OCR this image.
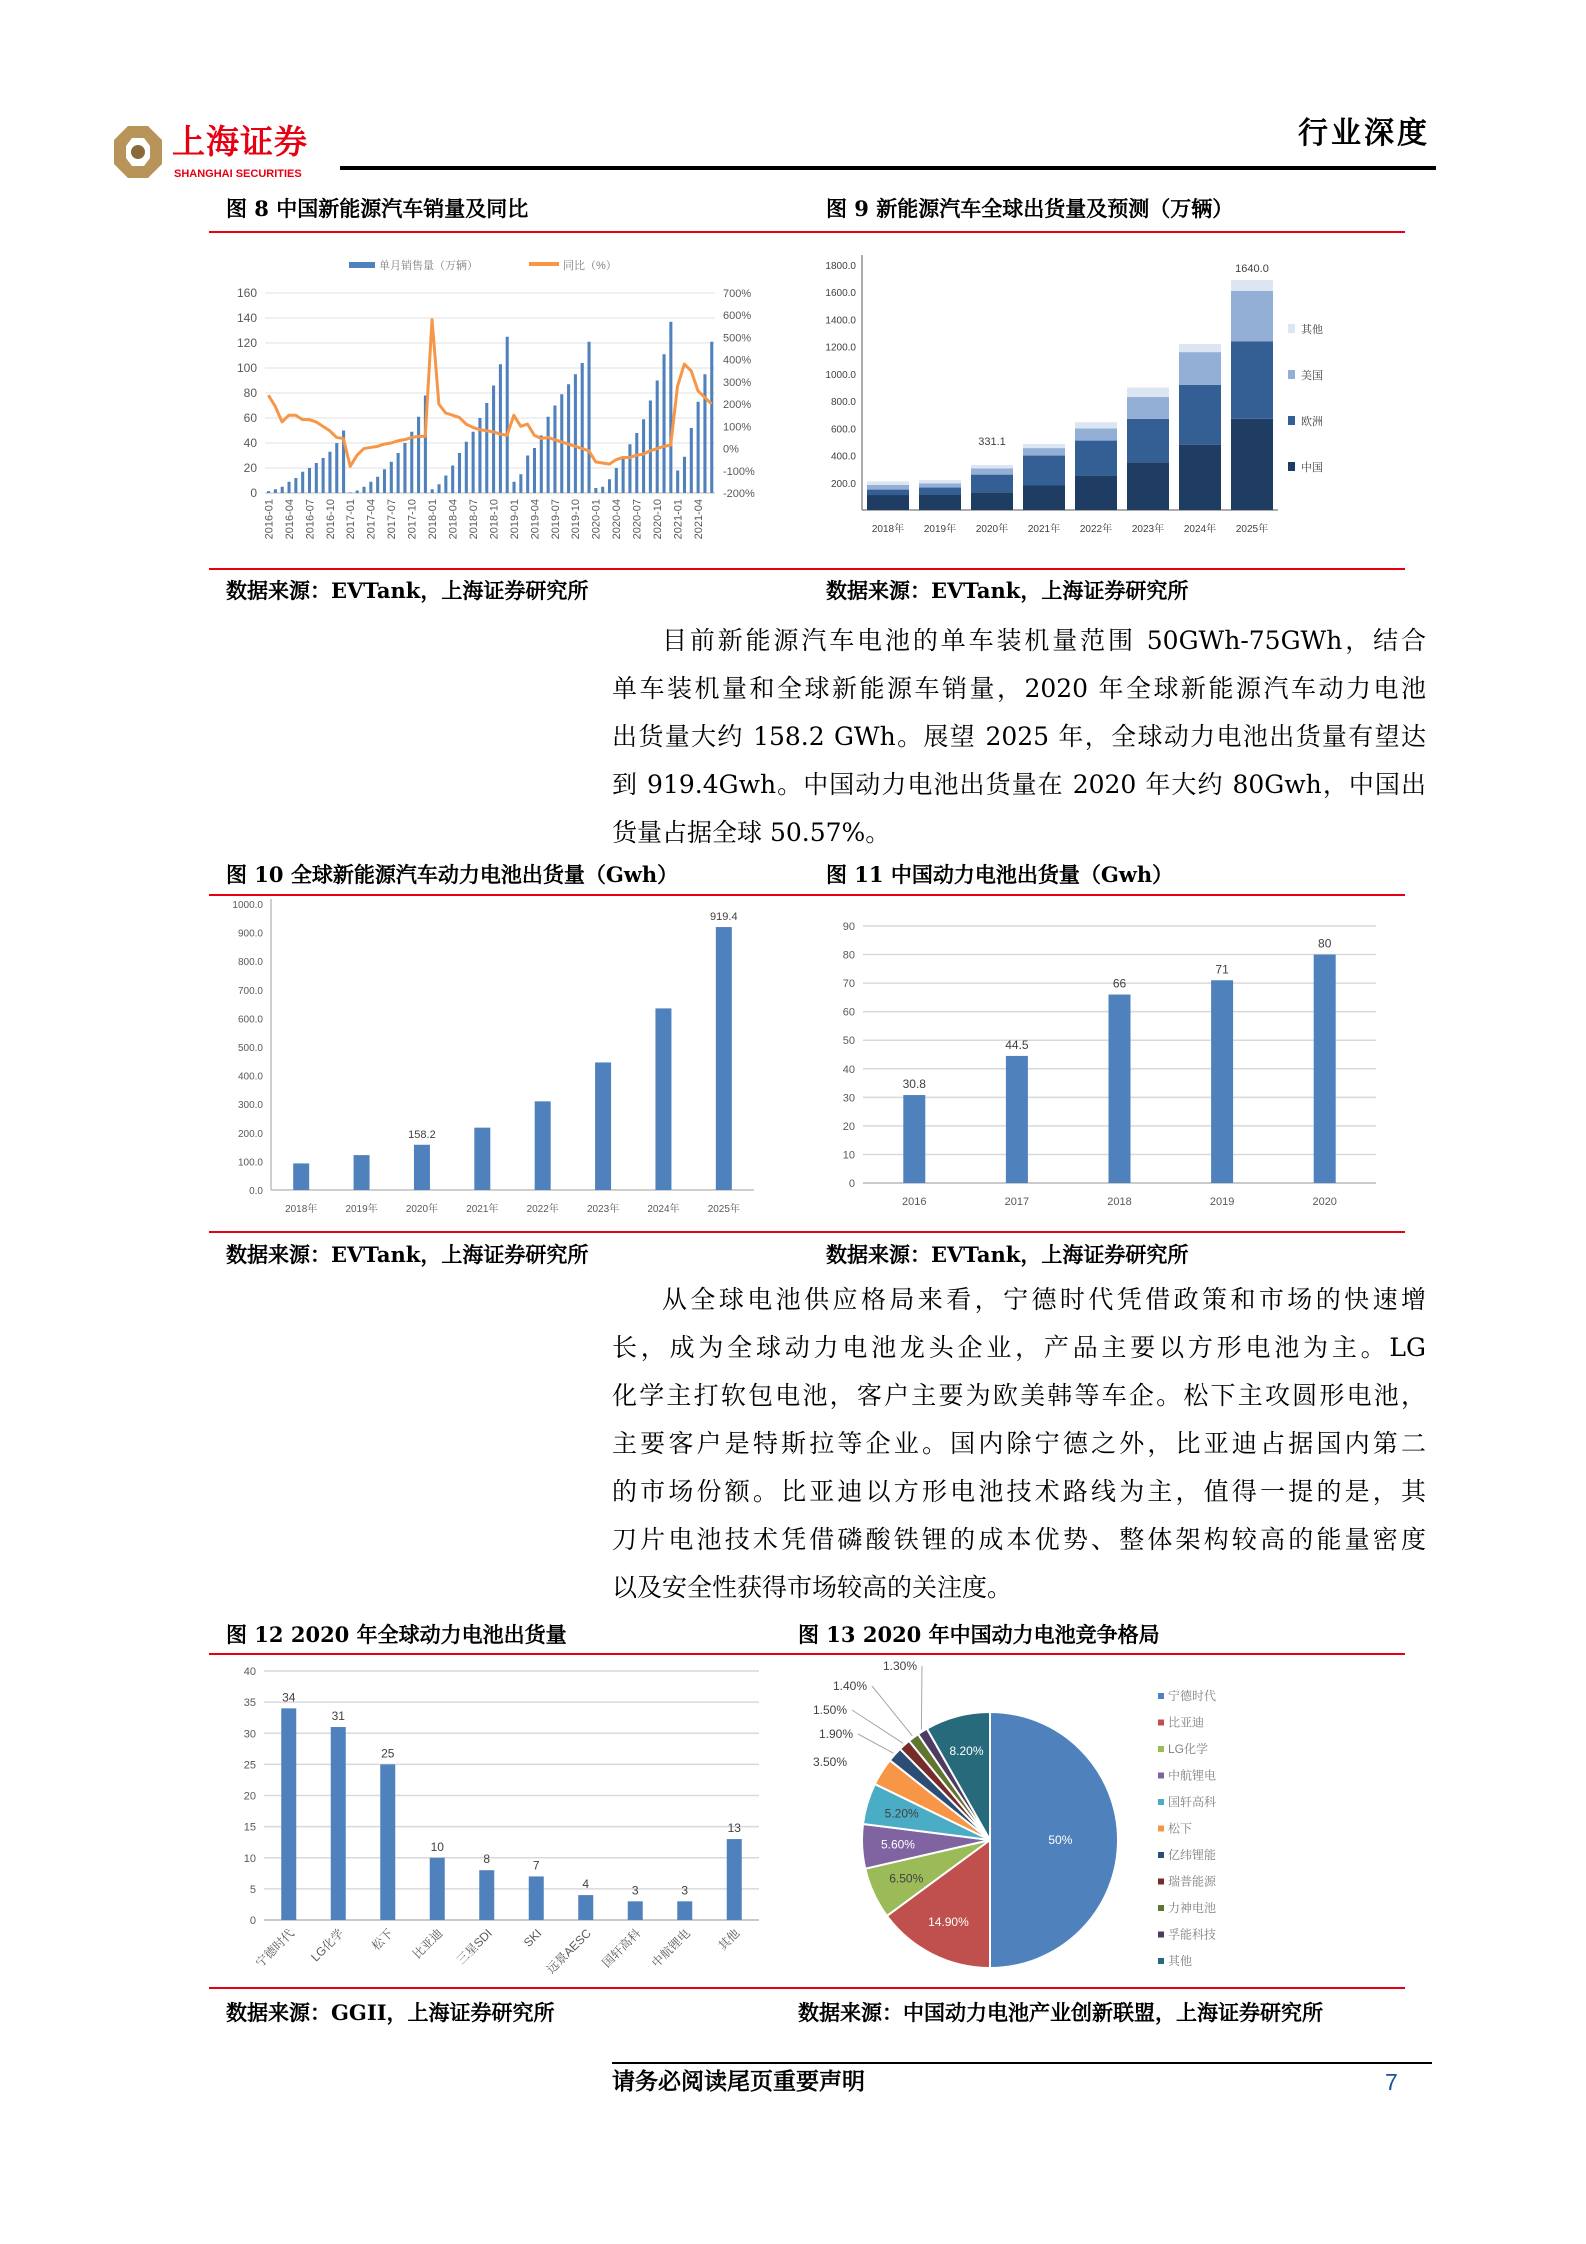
上海证券
SHANGHAI SECURITIES
行业深度
图 8 中国新能源汽车销量及同比	图 9 新能源汽车全球出货量及预测（万辆）
单月销售量（万辆）	同比（%）
0
20
40
60
80
100
120
140
160
-200%
-100%
0%
100%
200%
300%
400%
500%
600%
700%
2016-01 2016-04 2016-07 2016-10 2017-01 2017-04 2017-07 2017-10 2018-01 2018-04 2018-07 2018-10 2019-01 2019-04 2019-07 2019-10 2020-01 2020-04 2020-07 2020-10 2021-01 2021-04
200.0
400.0
600.0
800.0
1000.0
1200.0
1400.0
1600.0
1800.0
2018年 2019年
331.1
2020年 2021年 2022年 2023年 2024年
1640.0
2025年
其他
美国
欧洲
中国
数据来源：EVTank，上海证券研究所	数据来源：EVTank，上海证券研究所
目前新能源汽车电池的单车装机量范围 50GWh-75GWh，结合
单车装机量和全球新能源车销量，2020 年全球新能源汽车动力电池
出货量大约 158.2 GWh。展望 2025 年，全球动力电池出货量有望达
到 919.4Gwh。中国动力电池出货量在 2020 年大约 80Gwh，中国出
货量占据全球 50.57%。
图 10 全球新能源汽车动力电池出货量（Gwh）	图 11 中国动力电池出货量（Gwh）
0.0
100.0
200.0
300.0
400.0
500.0
600.0
700.0
800.0
900.0
1000.0
2018年	2019年
158.2
2020年	2021年	2022年	2023年	2024年
919.4
2025年
0
10
20
30
40
50
60
70
80
90
30.8
2016
44.5
2017
66
2018
71
2019
80
2020
数据来源：EVTank，上海证券研究所	数据来源：EVTank，上海证券研究所
从全球电池供应格局来看，宁德时代凭借政策和市场的快速增
长，成为全球动力电池龙头企业，产品主要以方形电池为主。LG
化学主打软包电池，客户主要为欧美韩等车企。松下主攻圆形电池，
主要客户是特斯拉等企业。国内除宁德之外，比亚迪占据国内第二
的市场份额。比亚迪以方形电池技术路线为主，值得一提的是，其
刀片电池技术凭借磷酸铁锂的成本优势、整体架构较高的能量密度
以及安全性获得市场较高的关注度。
图 12 2020 年全球动力电池出货量	图 13 2020 年中国动力电池竞争格局
0
5
10
15
20
25
30
35
40
34
宁德时代
31
LG化学
25
松下
10
比亚迪
8
三星SDI
7
SKI
4
远景AESC
3
国轩高科
3
中航锂电
13
其他
50%
14.90%
6.50%
5.60%
5.20%
3.50%
1.90%
1.50%
1.40%
1.30%
8.20%
宁德时代
比亚迪
LG化学
中航锂电
国轩高科
松下
亿纬锂能
瑞普能源
力神电池
孚能科技
其他
数据来源：GGII，上海证券研究所	数据来源：中国动力电池产业创新联盟，上海证券研究所
请务必阅读尾页重要声明	7
